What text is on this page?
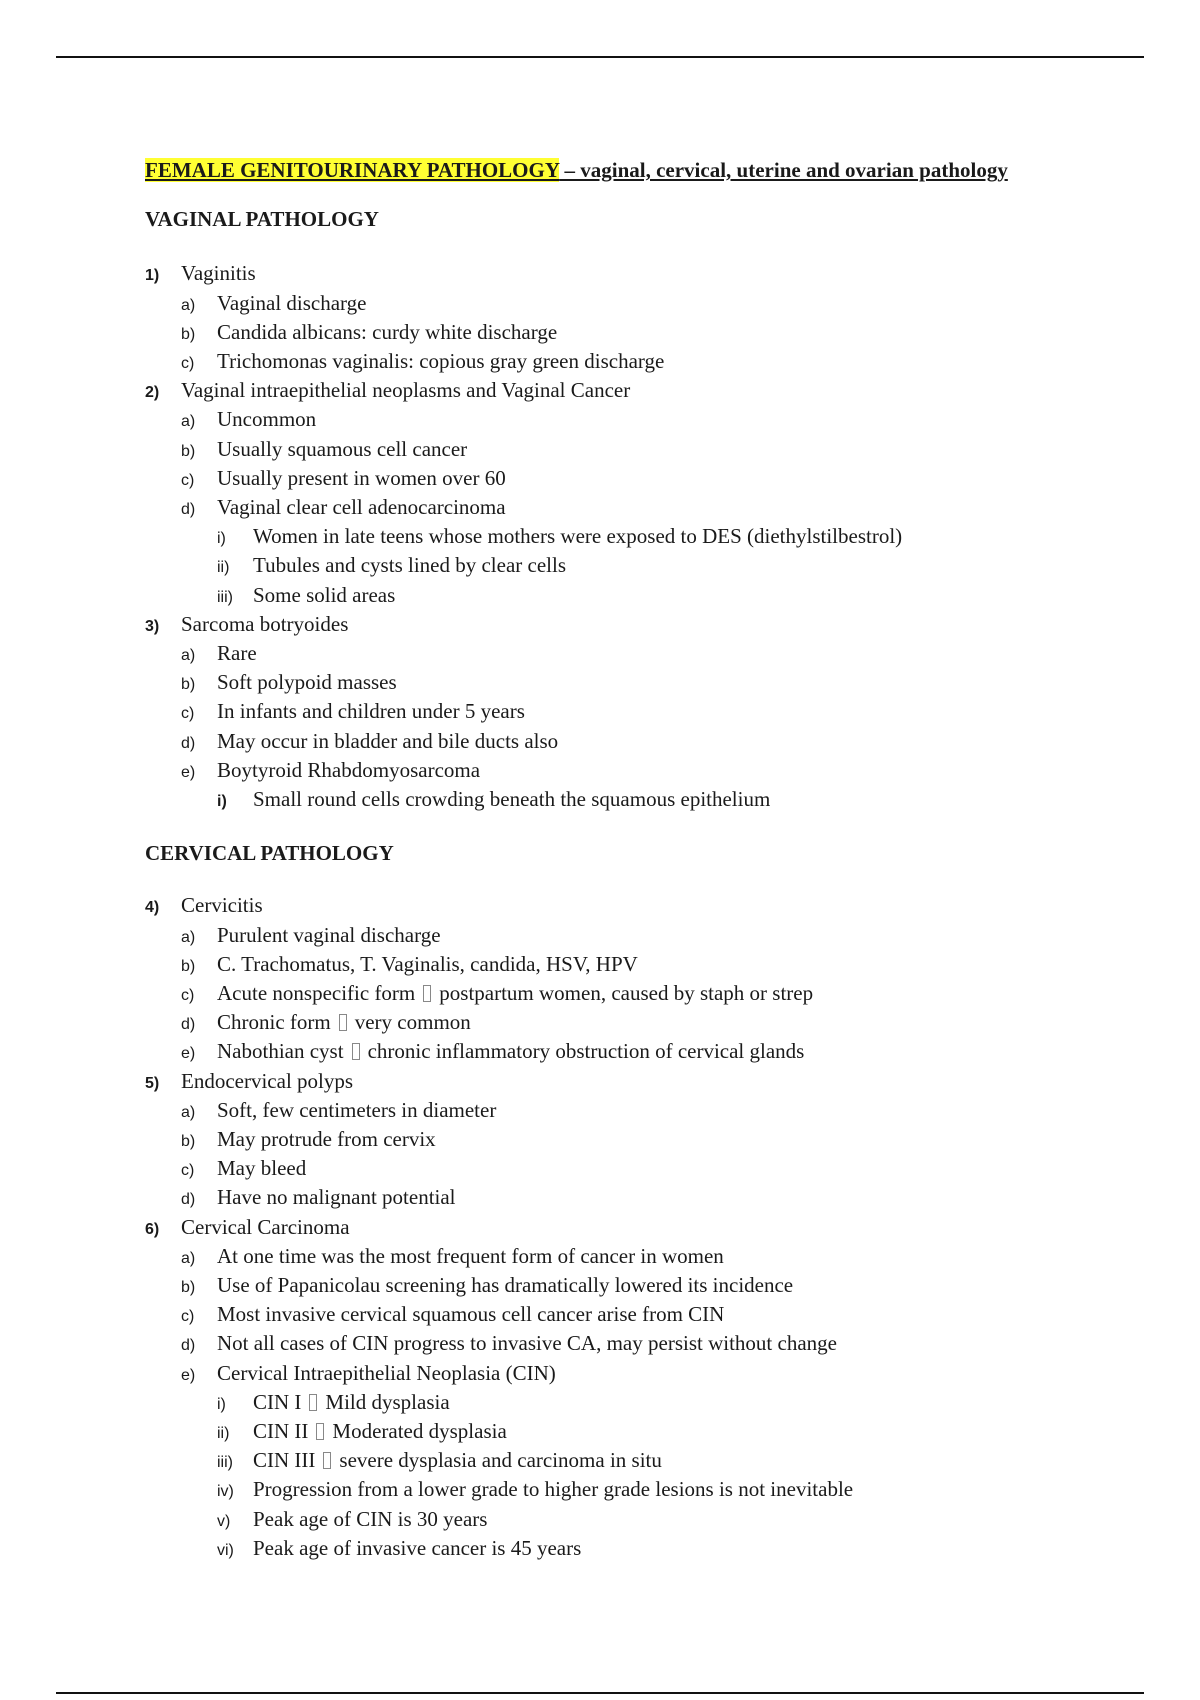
FEMALE GENITOURINARY PATHOLOGY – vaginal, cervical, uterine and ovarian pathology
VAGINAL PATHOLOGY
1)	Vaginitis
a)	Vaginal discharge
b)	Candida albicans: curdy white discharge
c)	Trichomonas vaginalis: copious gray green discharge
2)	Vaginal intraepithelial neoplasms and Vaginal Cancer
a)	Uncommon
b)	Usually squamous cell cancer
c)	Usually present in women over 60
d)	Vaginal clear cell adenocarcinoma
i)	Women in late teens whose mothers were exposed to DES (diethylstilbestrol)
ii)	Tubules and cysts lined by clear cells
iii) Some solid areas
3)	Sarcoma botryoides
a)	Rare
b)	Soft polypoid masses
c)	In infants and children under 5 years
d)	May occur in bladder and bile ducts also
e)	Boytyroid Rhabdomyosarcoma
i)	Small round cells crowding beneath the squamous epithelium
CERVICAL PATHOLOGY
4)	Cervicitis
a)	Purulent vaginal discharge
b)	C. Trachomatus, T. Vaginalis, candida, HSV, HPV
c)	Acute nonspecific form postpartum women, caused by staph or strep
d)	Chronic form very common
e)	Nabothian cyst chronic inflammatory obstruction of cervical glands
5)	Endocervical polyps
a)	Soft, few centimeters in diameter
b)	May protrude from cervix
c)	May bleed
d)	Have no malignant potential
6)	Cervical Carcinoma
a)	At one time was the most frequent form of cancer in women
b)	Use of Papanicolau screening has dramatically lowered its incidence
c)	Most invasive cervical squamous cell cancer arise from CIN
d)	Not all cases of CIN progress to invasive CA, may persist without change
e)	Cervical Intraepithelial Neoplasia (CIN)
i)	CIN I Mild dysplasia
ii)	CIN II Moderated dysplasia
iii) CIN III severe dysplasia and carcinoma in situ
iv) Progression from a lower grade to higher grade lesions is not inevitable
v)	Peak age of CIN is 30 years
vi) Peak age of invasive cancer is 45 years
